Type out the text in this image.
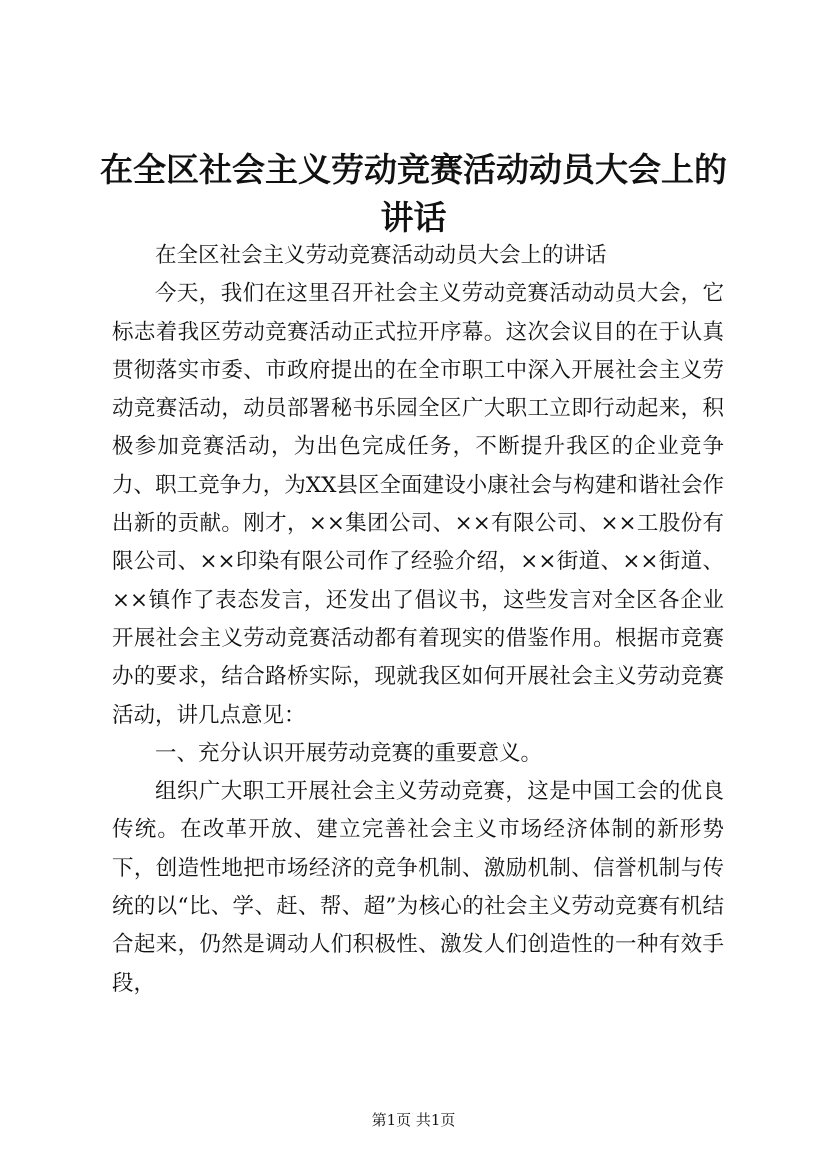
在全区社会主义劳动竞赛活动动员大会上的讲话

在全区社会主义劳动竞赛活动动员大会上的讲话

今天，我们在这里召开社会主义劳动竞赛活动动员大会，它标志着我区劳动竞赛活动正式拉开序幕。这次会议目的在于认真贯彻落实市委、市政府提出的在全市职工中深入开展社会主义劳动竞赛活动，动员部署秘书乐园全区广大职工立即行动起来，积极参加竞赛活动，为出色完成任务，不断提升我区的企业竞争力、职工竞争力，为XX县区全面建设小康社会与构建和谐社会作出新的贡献。刚才，××集团公司、××有限公司、××工股份有限公司、××印染有限公司作了经验介绍，××街道、××街道、××镇作了表态发言，还发出了倡议书，这些发言对全区各企业开展社会主义劳动竞赛活动都有着现实的借鉴作用。根据市竞赛办的要求，结合路桥实际，现就我区如何开展社会主义劳动竞赛活动，讲几点意见：

一、充分认识开展劳动竞赛的重要意义。

组织广大职工开展社会主义劳动竞赛，这是中国工会的优良传统。在改革开放、建立完善社会主义市场经济体制的新形势下，创造性地把市场经济的竞争机制、激励机制、信誉机制与传统的以“比、学、赶、帮、超”为核心的社会主义劳动竞赛有机结合起来，仍然是调动人们积极性、激发人们创造性的一种有效手段，

第1页 共1页
